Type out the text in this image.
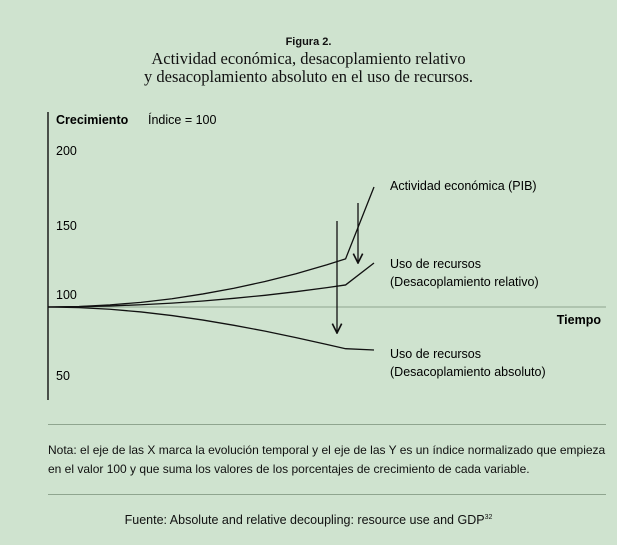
Figura 2.
Actividad económica, desacoplamiento relativo
y desacoplamiento absoluto en el uso de recursos.
Crecimiento Índice = 100
Tiempo
200
150
100
50
Actividad económica (PIB)
Uso de recursos
(Desacoplamiento relativo)
Uso de recursos
(Desacoplamiento absoluto)
Nota: el eje de las X marca la evolución temporal y el eje de las Y es un índice normalizado que empieza en el valor 100 y que suma los valores de los porcentajes de crecimiento de cada variable.
Fuente: Absolute and relative decoupling: resource use and GDP$^{32}$
